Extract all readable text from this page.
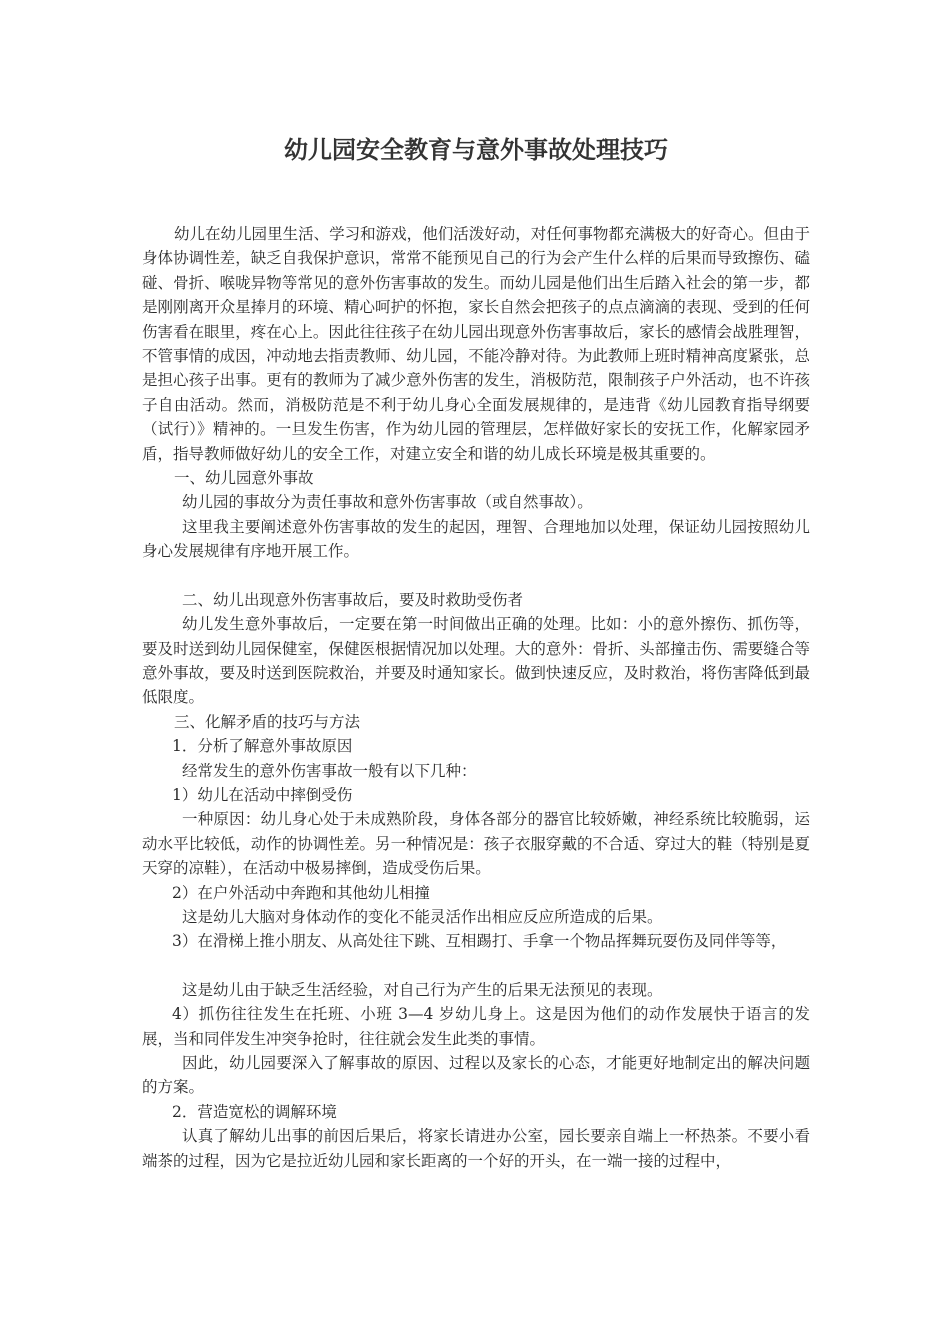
幼儿园安全教育与意外事故处理技巧

幼儿在幼儿园里生活、学习和游戏，他们活泼好动，对任何事物都充满极大的好奇心。但由于身体协调性差，缺乏自我保护意识，常常不能预见自己的行为会产生什么样的后果而导致擦伤、磕碰、骨折、喉咙异物等常见的意外伤害事故的发生。而幼儿园是他们出生后踏入社会的第一步，都是刚刚离开众星捧月的环境、精心呵护的怀抱，家长自然会把孩子的点点滴滴的表现、受到的任何伤害看在眼里，疼在心上。因此往往孩子在幼儿园出现意外伤害事故后，家长的感情会战胜理智，不管事情的成因，冲动地去指责教师、幼儿园，不能冷静对待。为此教师上班时精神高度紧张，总是担心孩子出事。更有的教师为了减少意外伤害的发生，消极防范，限制孩子户外活动，也不许孩子自由活动。然而，消极防范是不利于幼儿身心全面发展规律的，是违背《幼儿园教育指导纲要（试行）》精神的。一旦发生伤害，作为幼儿园的管理层，怎样做好家长的安抚工作，化解家园矛盾，指导教师做好幼儿的安全工作，对建立安全和谐的幼儿成长环境是极其重要的。

一、幼儿园意外事故

幼儿园的事故分为责任事故和意外伤害事故（或自然事故）。

这里我主要阐述意外伤害事故的发生的起因，理智、合理地加以处理，保证幼儿园按照幼儿身心发展规律有序地开展工作。

二、幼儿出现意外伤害事故后，要及时救助受伤者

幼儿发生意外事故后，一定要在第一时间做出正确的处理。比如：小的意外擦伤、抓伤等，要及时送到幼儿园保健室，保健医根据情况加以处理。大的意外：骨折、头部撞击伤、需要缝合等意外事故，要及时送到医院救治，并要及时通知家长。做到快速反应，及时救治，将伤害降低到最低限度。

三、化解矛盾的技巧与方法

1．分析了解意外事故原因

经常发生的意外伤害事故一般有以下几种：

1）幼儿在活动中摔倒受伤

一种原因：幼儿身心处于未成熟阶段，身体各部分的器官比较娇嫩，神经系统比较脆弱，运动水平比较低，动作的协调性差。另一种情况是：孩子衣服穿戴的不合适、穿过大的鞋（特别是夏天穿的凉鞋），在活动中极易摔倒，造成受伤后果。

2）在户外活动中奔跑和其他幼儿相撞

这是幼儿大脑对身体动作的变化不能灵活作出相应反应所造成的后果。

3）在滑梯上推小朋友、从高处往下跳、互相踢打、手拿一个物品挥舞玩耍伤及同伴等等，

这是幼儿由于缺乏生活经验，对自己行为产生的后果无法预见的表现。

4）抓伤往往发生在托班、小班 3—4 岁幼儿身上。这是因为他们的动作发展快于语言的发展，当和同伴发生冲突争抢时，往往就会发生此类的事情。

因此，幼儿园要深入了解事故的原因、过程以及家长的心态，才能更好地制定出的解决问题的方案。

2．营造宽松的调解环境

认真了解幼儿出事的前因后果后，将家长请进办公室，园长要亲自端上一杯热茶。不要小看端茶的过程，因为它是拉近幼儿园和家长距离的一个好的开头，在一端一接的过程中，
